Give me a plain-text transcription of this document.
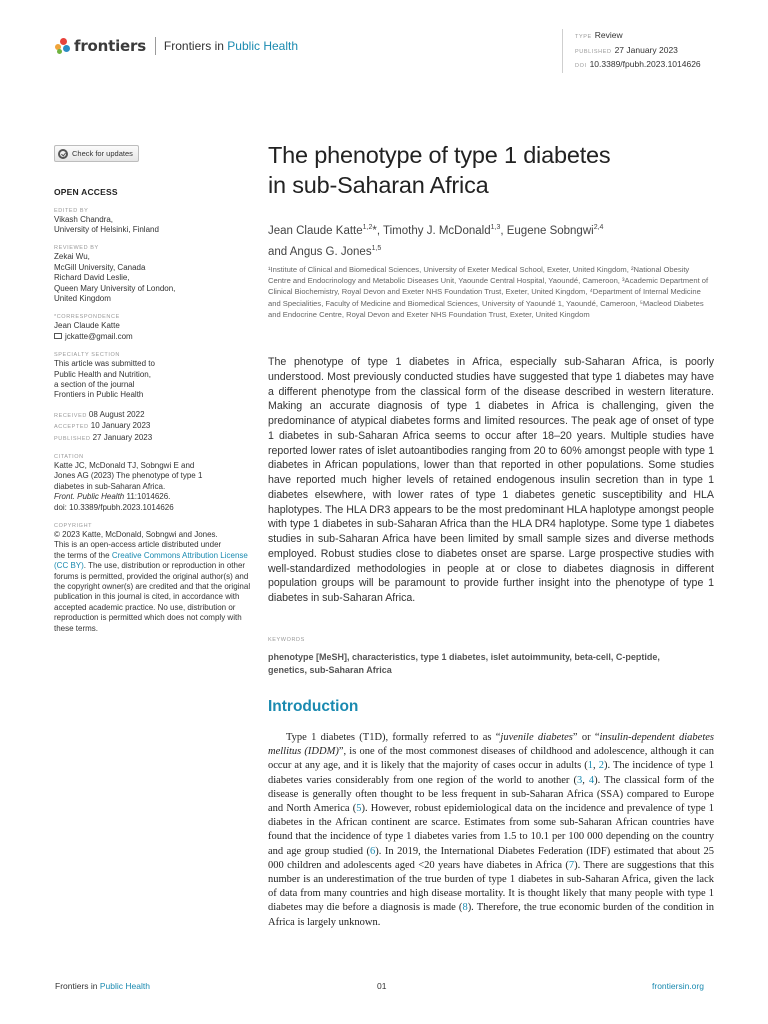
frontiers Frontiers in Public Health
TYPE Review
PUBLISHED 27 January 2023
DOI 10.3389/fpubh.2023.1014626
Check for updates
OPEN ACCESS
EDITED BY
Vikash Chandra,
University of Helsinki, Finland
REVIEWED BY
Zekai Wu,
McGill University, Canada
Richard David Leslie,
Queen Mary University of London,
United Kingdom
*CORRESPONDENCE
Jean Claude Katte
jckatte@gmail.com
SPECIALTY SECTION
This article was submitted to
Public Health and Nutrition,
a section of the journal
Frontiers in Public Health
RECEIVED 08 August 2022
ACCEPTED 10 January 2023
PUBLISHED 27 January 2023
CITATION
Katte JC, McDonald TJ, Sobngwi E and
Jones AG (2023) The phenotype of type 1
diabetes in sub-Saharan Africa.
Front. Public Health 11:1014626.
doi: 10.3389/fpubh.2023.1014626
COPYRIGHT
© 2023 Katte, McDonald, Sobngwi and Jones.
This is an open-access article distributed under
the terms of the Creative Commons Attribution License (CC BY). The use, distribution or reproduction in other forums is permitted, provided the original author(s) and the copyright owner(s) are credited and that the original publication in this journal is cited, in accordance with accepted academic practice. No use, distribution or reproduction is permitted which does not comply with these terms.
The phenotype of type 1 diabetes
in sub-Saharan Africa
Jean Claude Katte$^{1,2}$*, Timothy J. McDonald$^{1,3}$, Eugene Sobngwi$^{2,4}$
and Angus G. Jones$^{1,5}$
¹Institute of Clinical and Biomedical Sciences, University of Exeter Medical School, Exeter, United Kingdom, ²National Obesity Centre and Endocrinology and Metabolic Diseases Unit, Yaounde Central Hospital, Yaoundé, Cameroon, ³Academic Department of Clinical Biochemistry, Royal Devon and Exeter NHS Foundation Trust, Exeter, United Kingdom, ⁴Department of Internal Medicine and Specialities, Faculty of Medicine and Biomedical Sciences, University of Yaoundé 1, Yaoundé, Cameroon, ⁵Macleod Diabetes and Endocrine Centre, Royal Devon and Exeter NHS Foundation Trust, Exeter, United Kingdom
The phenotype of type 1 diabetes in Africa, especially sub-Saharan Africa, is poorly understood. Most previously conducted studies have suggested that type 1 diabetes may have a different phenotype from the classical form of the disease described in western literature. Making an accurate diagnosis of type 1 diabetes in Africa is challenging, given the predominance of atypical diabetes forms and limited resources. The peak age of onset of type 1 diabetes in sub-Saharan Africa seems to occur after 18–20 years. Multiple studies have reported lower rates of islet autoantibodies ranging from 20 to 60% amongst people with type 1 diabetes in African populations, lower than that reported in other populations. Some studies have reported much higher levels of retained endogenous insulin secretion than in type 1 diabetes elsewhere, with lower rates of type 1 diabetes genetic susceptibility and HLA haplotypes. The HLA DR3 appears to be the most predominant HLA haplotype amongst people with type 1 diabetes in sub-Saharan Africa than the HLA DR4 haplotype. Some type 1 diabetes studies in sub-Saharan Africa have been limited by small sample sizes and diverse methods employed. Robust studies close to diabetes onset are sparse. Large prospective studies with well-standardized methodologies in people at or close to diabetes diagnosis in different population groups will be paramount to provide further insight into the phenotype of type 1 diabetes in sub-Saharan Africa.
KEYWORDS
phenotype [MeSH], characteristics, type 1 diabetes, islet autoimmunity, beta-cell, C-peptide,
genetics, sub-Saharan Africa
Introduction
Type 1 diabetes (T1D), formally referred to as “juvenile diabetes” or “insulin-dependent diabetes mellitus (IDDM)”, is one of the most commonest diseases of childhood and adolescence, although it can occur at any age, and it is likely that the majority of cases occur in adults (1, 2). The incidence of type 1 diabetes varies considerably from one region of the world to another (3, 4). The classical form of the disease is generally often thought to be less frequent in sub-Saharan Africa (SSA) compared to Europe and North America (5). However, robust epidemiological data on the incidence and prevalence of type 1 diabetes in the African continent are scarce. Estimates from some sub-Saharan African countries have found that the incidence of type 1 diabetes varies from 1.5 to 10.1 per 100 000 depending on the country and age group studied (6). In 2019, the International Diabetes Federation (IDF) estimated that about 25 000 children and adolescents aged <20 years have diabetes in Africa (7). There are suggestions that this number is an underestimation of the true burden of type 1 diabetes in sub-Saharan Africa, given the lack of data from many countries and high disease mortality. It is thought likely that many people with type 1 diabetes may die before a diagnosis is made (8). Therefore, the true economic burden of the condition in Africa is largely unknown.
Frontiers in Public Health	01	frontiersin.org
